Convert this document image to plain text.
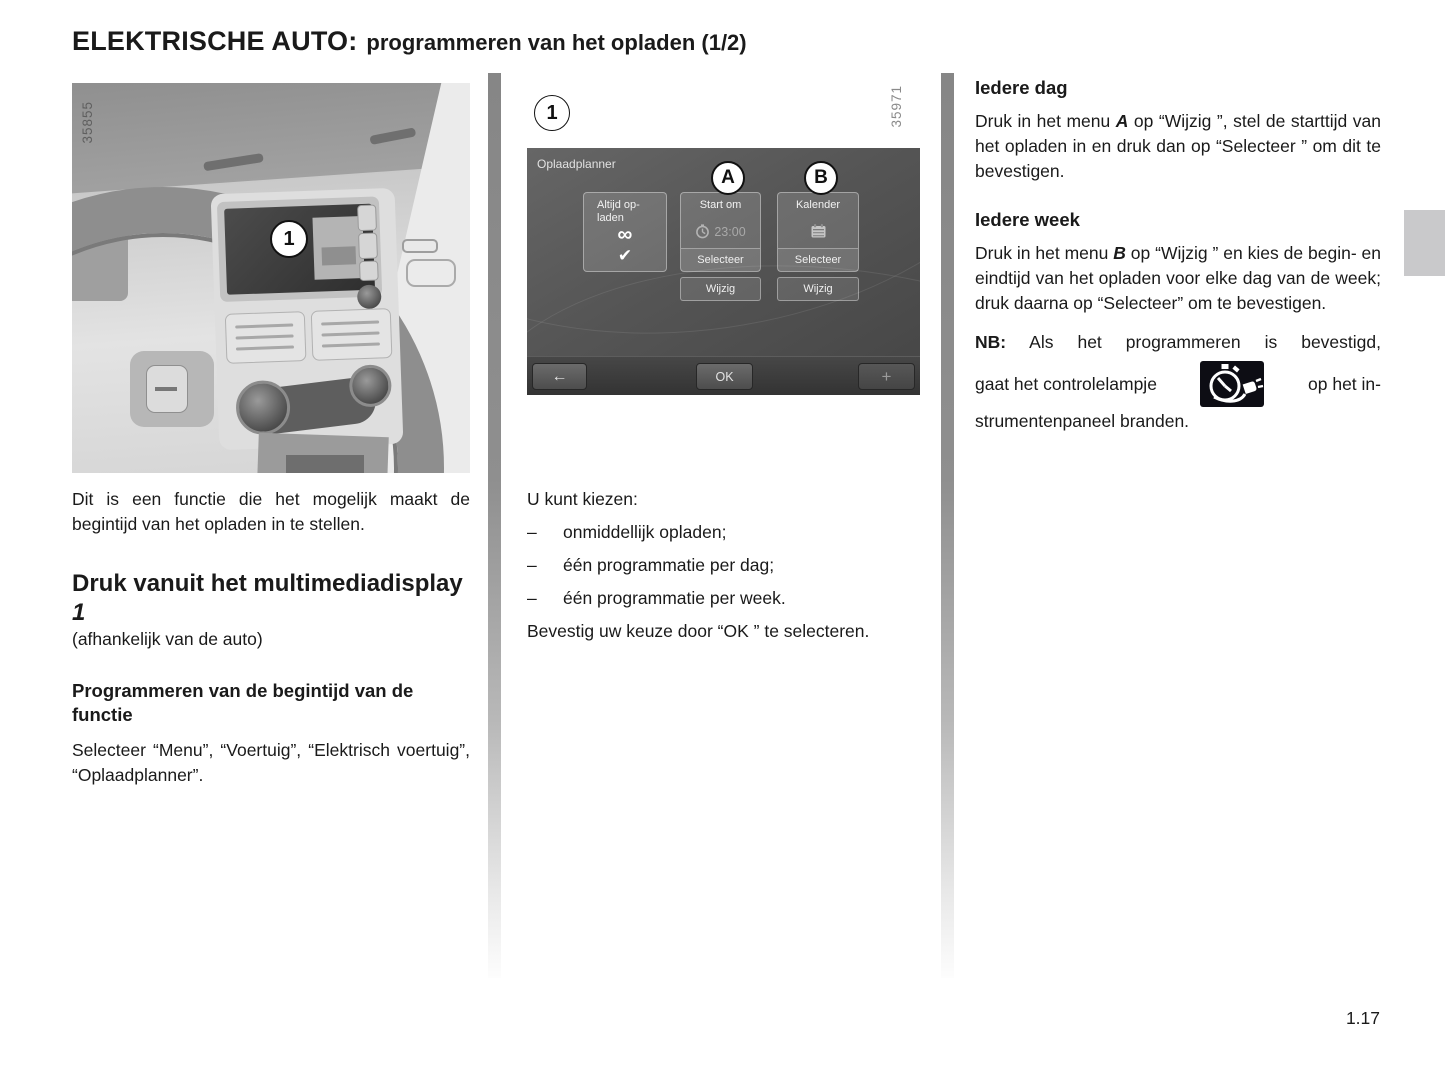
ELEKTRISCHE AUTO: programmeren van het opladen (1/2)
35855
1
1	35971
Oplaadplanner
Altijd op-
laden
∞
✔
Start om
23:00
Selecteer
Kalender
Selecteer
Wijzig	Wijzig
←	OK	+
A	B

Dit is een functie die het mogelijk maakt de begintijd van het opladen in te stellen.

Druk vanuit het multimediadisplay 1
(afhankelijk van de auto)
Programmeren van de begintijd van de functie

Selecteer “Menu”, “Voertuig”, “Elektrisch voertuig”, “Oplaadplanner”.

U kunt kiezen:
–	onmiddellijk opladen;
–	één programmatie per dag;
–	één programmatie per week.
Bevestig uw keuze door “OK ” te selecteren.
Iedere dag

Druk in het menu A op “Wijzig ”, stel de starttijd van het opladen in en druk dan op “Selecteer ” om dit te bevestigen.

Iedere week

Druk in het menu B op “Wijzig ” en kies de begin- en eindtijd van het opladen voor elke dag van de week; druk daarna op “Selecteer” om te bevestigen.

NB: Als het programmeren is bevestigd,

gaat het controlelampje	op het in-
strumentenpaneel branden.
1.17
